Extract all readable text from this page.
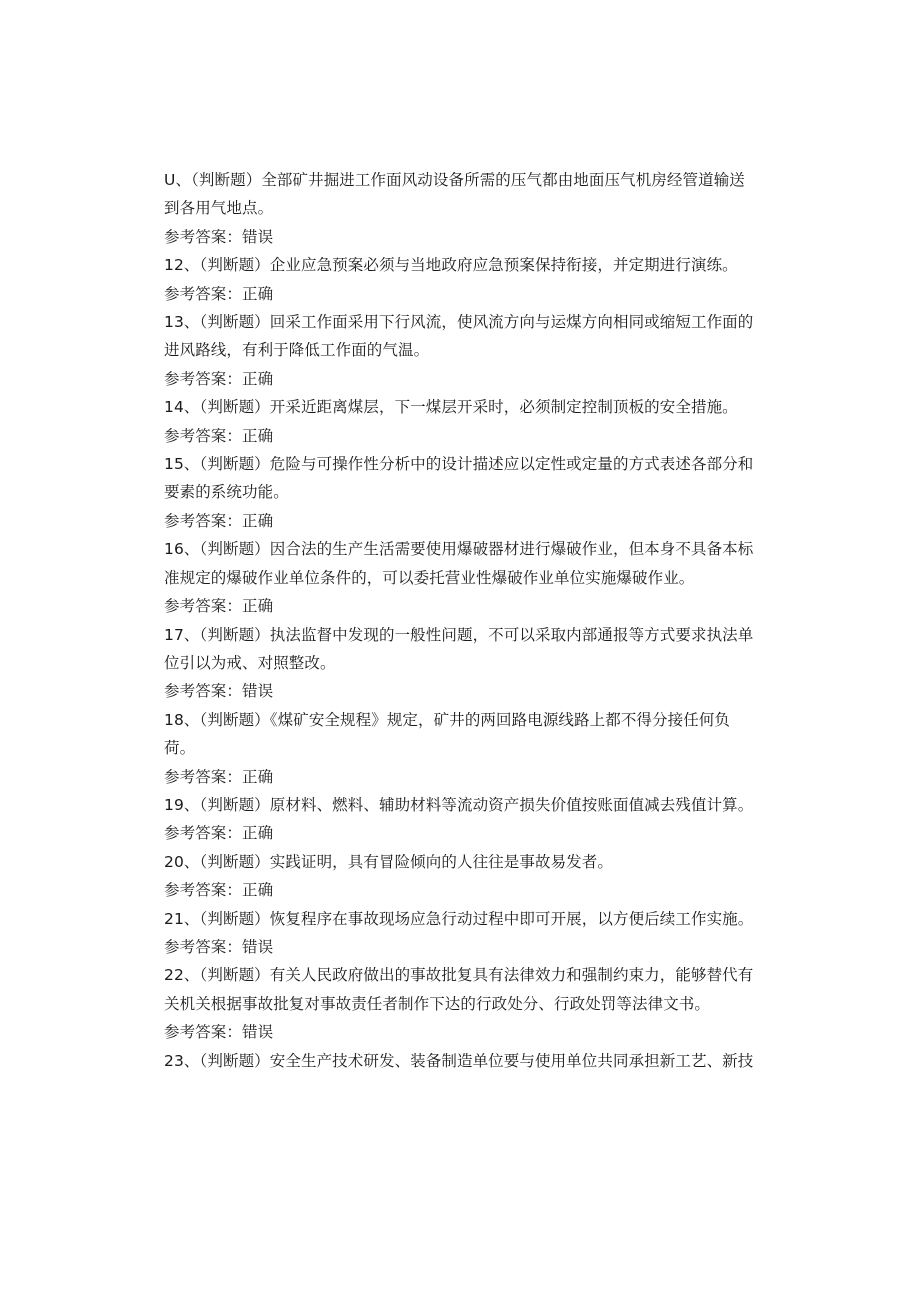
U、（判断题）全部矿井掘进工作面风动设备所需的压气都由地面压气机房经管道输送到各用气地点。

参考答案：错误

12、（判断题）企业应急预案必须与当地政府应急预案保持衔接，并定期进行演练。

参考答案：正确

13、（判断题）回采工作面采用下行风流，使风流方向与运煤方向相同或缩短工作面的进风路线，有利于降低工作面的气温。

参考答案：正确

14、（判断题）开采近距离煤层，下一煤层开采时，必须制定控制顶板的安全措施。

参考答案：正确

15、（判断题）危险与可操作性分析中的设计描述应以定性或定量的方式表述各部分和要素的系统功能。

参考答案：正确

16、（判断题）因合法的生产生活需要使用爆破器材进行爆破作业，但本身不具备本标准规定的爆破作业单位条件的，可以委托营业性爆破作业单位实施爆破作业。

参考答案：正确

17、（判断题）执法监督中发现的一般性问题，不可以采取内部通报等方式要求执法单位引以为戒、对照整改。

参考答案：错误

18、（判断题）《煤矿安全规程》规定，矿井的两回路电源线路上都不得分接任何负荷。

参考答案：正确

19、（判断题）原材料、燃料、辅助材料等流动资产损失价值按账面值减去残值计算。

参考答案：正确

20、（判断题）实践证明，具有冒险倾向的人往往是事故易发者。

参考答案：正确

21、（判断题）恢复程序在事故现场应急行动过程中即可开展，以方便后续工作实施。

参考答案：错误

22、（判断题）有关人民政府做出的事故批复具有法律效力和强制约束力，能够替代有关机关根据事故批复对事故责任者制作下达的行政处分、行政处罚等法律文书。

参考答案：错误

23、（判断题）安全生产技术研发、装备制造单位要与使用单位共同承担新工艺、新技
